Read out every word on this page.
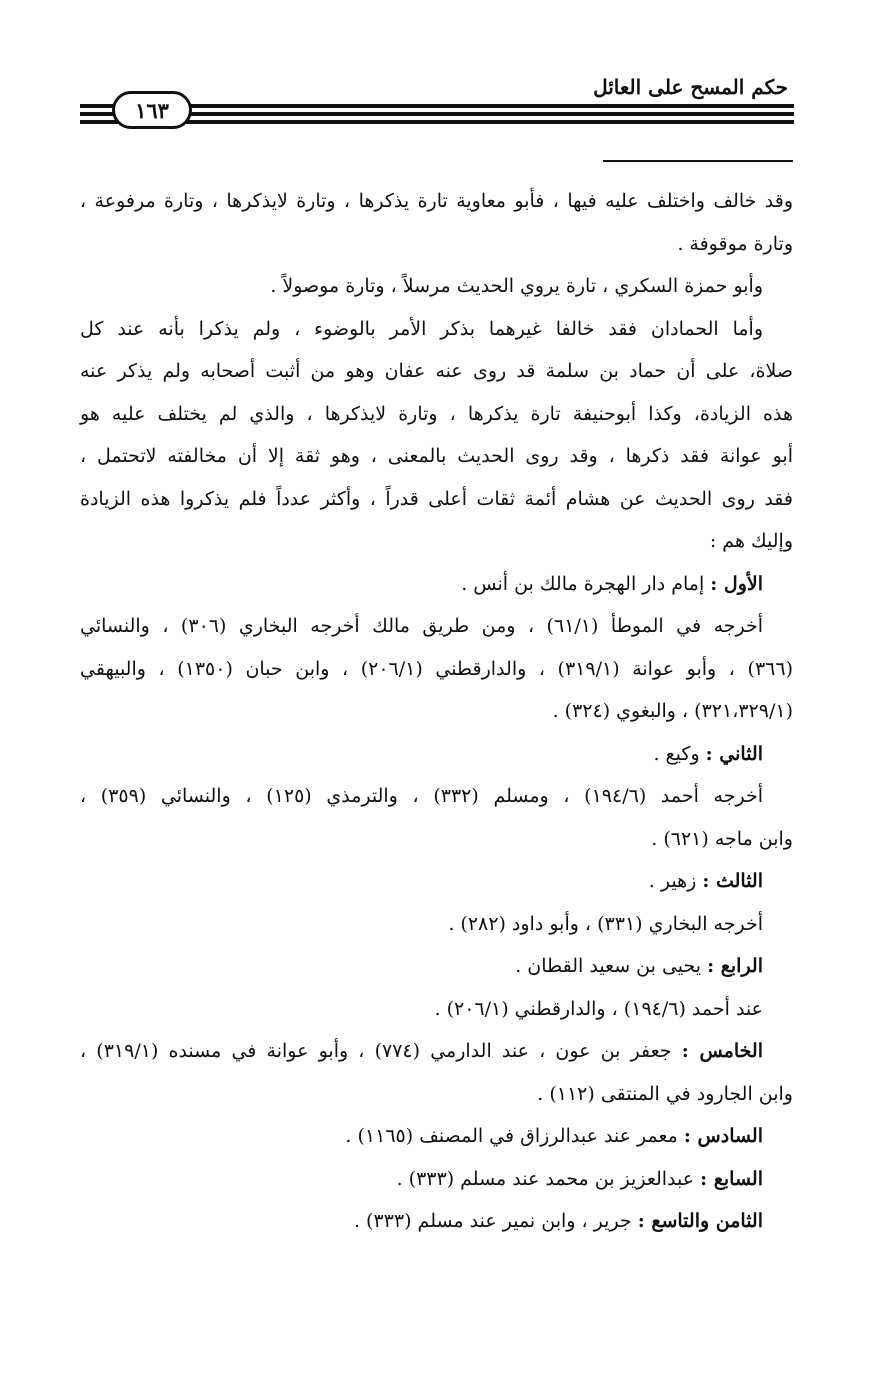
حكم المسح على العائل
١٦٣

وقد خالف واختلف عليه فيها ، فأبو معاوية تارة يذكرها ، وتارة لايذكرها ، وتارة مرفوعة ،

وتارة موقوفة .

وأبو حمزة السكري ، تارة يروي الحديث مرسلاً ، وتارة موصولاً .

وأما الحمادان فقد خالفا غيرهما بذكر الأمر بالوضوء ، ولم يذكرا بأنه عند كل

صلاة، على أن حماد بن سلمة قد روى عنه عفان وهو من أثبت أصحابه ولم يذكر عنه

هذه الزيادة، وكذا أبوحنيفة تارة يذكرها ، وتارة لايذكرها ، والذي لم يختلف عليه هو

أبو عوانة فقد ذكرها ، وقد روى الحديث بالمعنى ، وهو ثقة إلا أن مخالفته لاتحتمل ،

فقد روى الحديث عن هشام أئمة ثقات أعلى قدراً ، وأكثر عدداً فلم يذكروا هذه الزيادة

وإليك هم :

الأول : إمام دار الهجرة مالك بن أنس .

أخرجه في الموطأ (٦١/١) ، ومن طريق مالك أخرجه البخاري (٣٠٦) ، والنسائي

(٣٦٦) ، وأبو عوانة (٣١٩/١) ، والدارقطني (٢٠٦/١) ، وابن حبان (١٣٥٠) ، والبيهقي

(٣٢١،٣٢٩/١) ، والبغوي (٣٢٤) .

الثاني : وكيع .

أخرجه أحمد (١٩٤/٦) ، ومسلم (٣٣٢) ، والترمذي (١٢٥) ، والنسائي (٣٥٩) ،

وابن ماجه (٦٢١) .

الثالث : زهير .

أخرجه البخاري (٣٣١) ، وأبو داود (٢٨٢) .

الرابع : يحيى بن سعيد القطان .

عند أحمد (١٩٤/٦) ، والدارقطني (٢٠٦/١) .

الخامس : جعفر بن عون ، عند الدارمي (٧٧٤) ، وأبو عوانة في مسنده (٣١٩/١) ،

وابن الجارود في المنتقى (١١٢) .

السادس : معمر عند عبدالرزاق في المصنف (١١٦٥) .

السابع : عبدالعزيز بن محمد عند مسلم (٣٣٣) .

الثامن والتاسع : جرير ، وابن نمير عند مسلم (٣٣٣) .
